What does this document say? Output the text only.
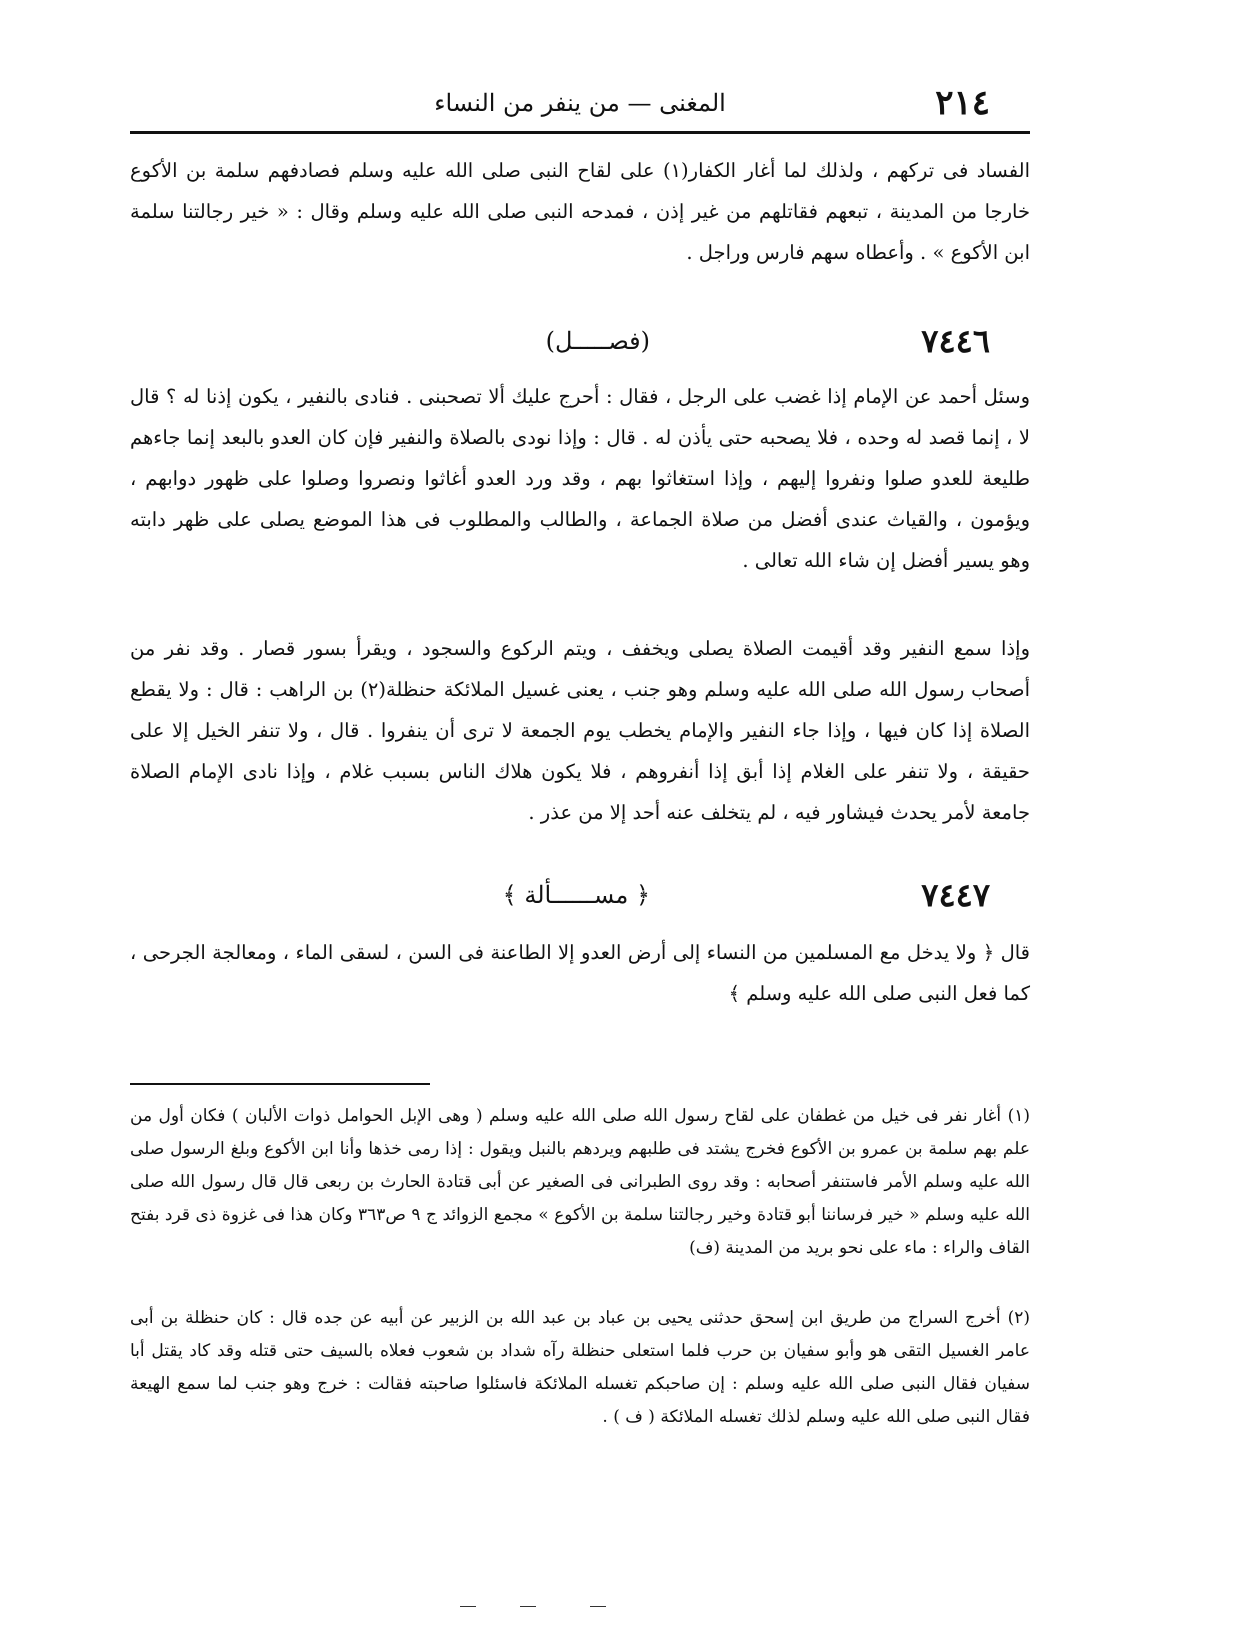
٢١٤
المغنى — من ينفر من النساء

الفساد فى تركهم ، ولذلك لما أغار الكفار(١) على لقاح النبى صلى الله عليه وسلم فصادفهم سلمة بن الأكوع خارجا من المدينة ، تبعهم فقاتلهم من غير إذن ، فمدحه النبى صلى الله عليه وسلم وقال : « خير رجالتنا سلمة ابن الأكوع » . وأعطاه سهم فارس وراجل .

٧٤٤٦
(فصـــــل)

وسئل أحمد عن الإمام إذا غضب على الرجل ، فقال : أحرج عليك ألا تصحبنى . فنادى بالنفير ، يكون إذنا له ؟ قال لا ، إنما قصد له وحده ، فلا يصحبه حتى يأذن له . قال : وإذا نودى بالصلاة والنفير فإن كان العدو بالبعد إنما جاءهم طليعة للعدو صلوا ونفروا إليهم ، وإذا استغاثوا بهم ، وقد ورد العدو أغاثوا ونصروا وصلوا على ظهور دوابهم ، ويؤمون ، والقياث عندى أفضل من صلاة الجماعة ، والطالب والمطلوب فى هذا الموضع يصلى على ظهر دابته وهو يسير أفضل إن شاء الله تعالى .

وإذا سمع النفير وقد أقيمت الصلاة يصلى ويخفف ، ويتم الركوع والسجود ، ويقرأ بسور قصار . وقد نفر من أصحاب رسول الله صلى الله عليه وسلم وهو جنب ، يعنى غسيل الملائكة حنظلة(٢) بن الراهب : قال : ولا يقطع الصلاة إذا كان فيها ، وإذا جاء النفير والإمام يخطب يوم الجمعة لا ترى أن ينفروا . قال ، ولا تنفر الخيل إلا على حقيقة ، ولا تنفر على الغلام إذا أبق إذا أنفروهم ، فلا يكون هلاك الناس بسبب غلام ، وإذا نادى الإمام الصلاة جامعة لأمر يحدث فيشاور فيه ، لم يتخلف عنه أحد إلا من عذر .

٧٤٤٧
﴿ مســــــألة ﴾

قال ﴿ ولا يدخل مع المسلمين من النساء إلى أرض العدو إلا الطاعنة فى السن ، لسقى الماء ، ومعالجة الجرحى ، كما فعل النبى صلى الله عليه وسلم ﴾

(١) أغار نفر فى خيل من غطفان على لقاح رسول الله صلى الله عليه وسلم ( وهى الإبل الحوامل ذوات الألبان ) فكان أول من علم بهم سلمة بن عمرو بن الأكوع فخرج يشتد فى طلبهم ويردهم بالنبل ويقول : إذا رمى خذها وأنا ابن الأكوع وبلغ الرسول صلى الله عليه وسلم الأمر فاستنفر أصحابه : وقد روى الطبرانى فى الصغير عن أبى قتادة الحارث بن ربعى قال قال رسول الله صلى الله عليه وسلم « خير فرساننا أبو قتادة وخير رجالتنا سلمة بن الأكوع » مجمع الزوائد ج ٩ ص٣٦٣ وكان هذا فى غزوة ذى قرد بفتح القاف والراء : ماء على نحو بريد من المدينة (ف)

(٢) أخرج السراج من طريق ابن إسحق حدثنى يحيى بن عباد بن عبد الله بن الزبير عن أبيه عن جده قال : كان حنظلة بن أبى عامر الغسيل التقى هو وأبو سفيان بن حرب فلما استعلى حنظلة رآه شداد بن شعوب فعلاه بالسيف حتى قتله وقد كاد يقتل أبا سفيان فقال النبى صلى الله عليه وسلم : إن صاحبكم تغسله الملائكة فاسئلوا صاحبته فقالت : خرج وهو جنب لما سمع الهيعة فقال النبى صلى الله عليه وسلم لذلك تغسله الملائكة ( ف ) .
